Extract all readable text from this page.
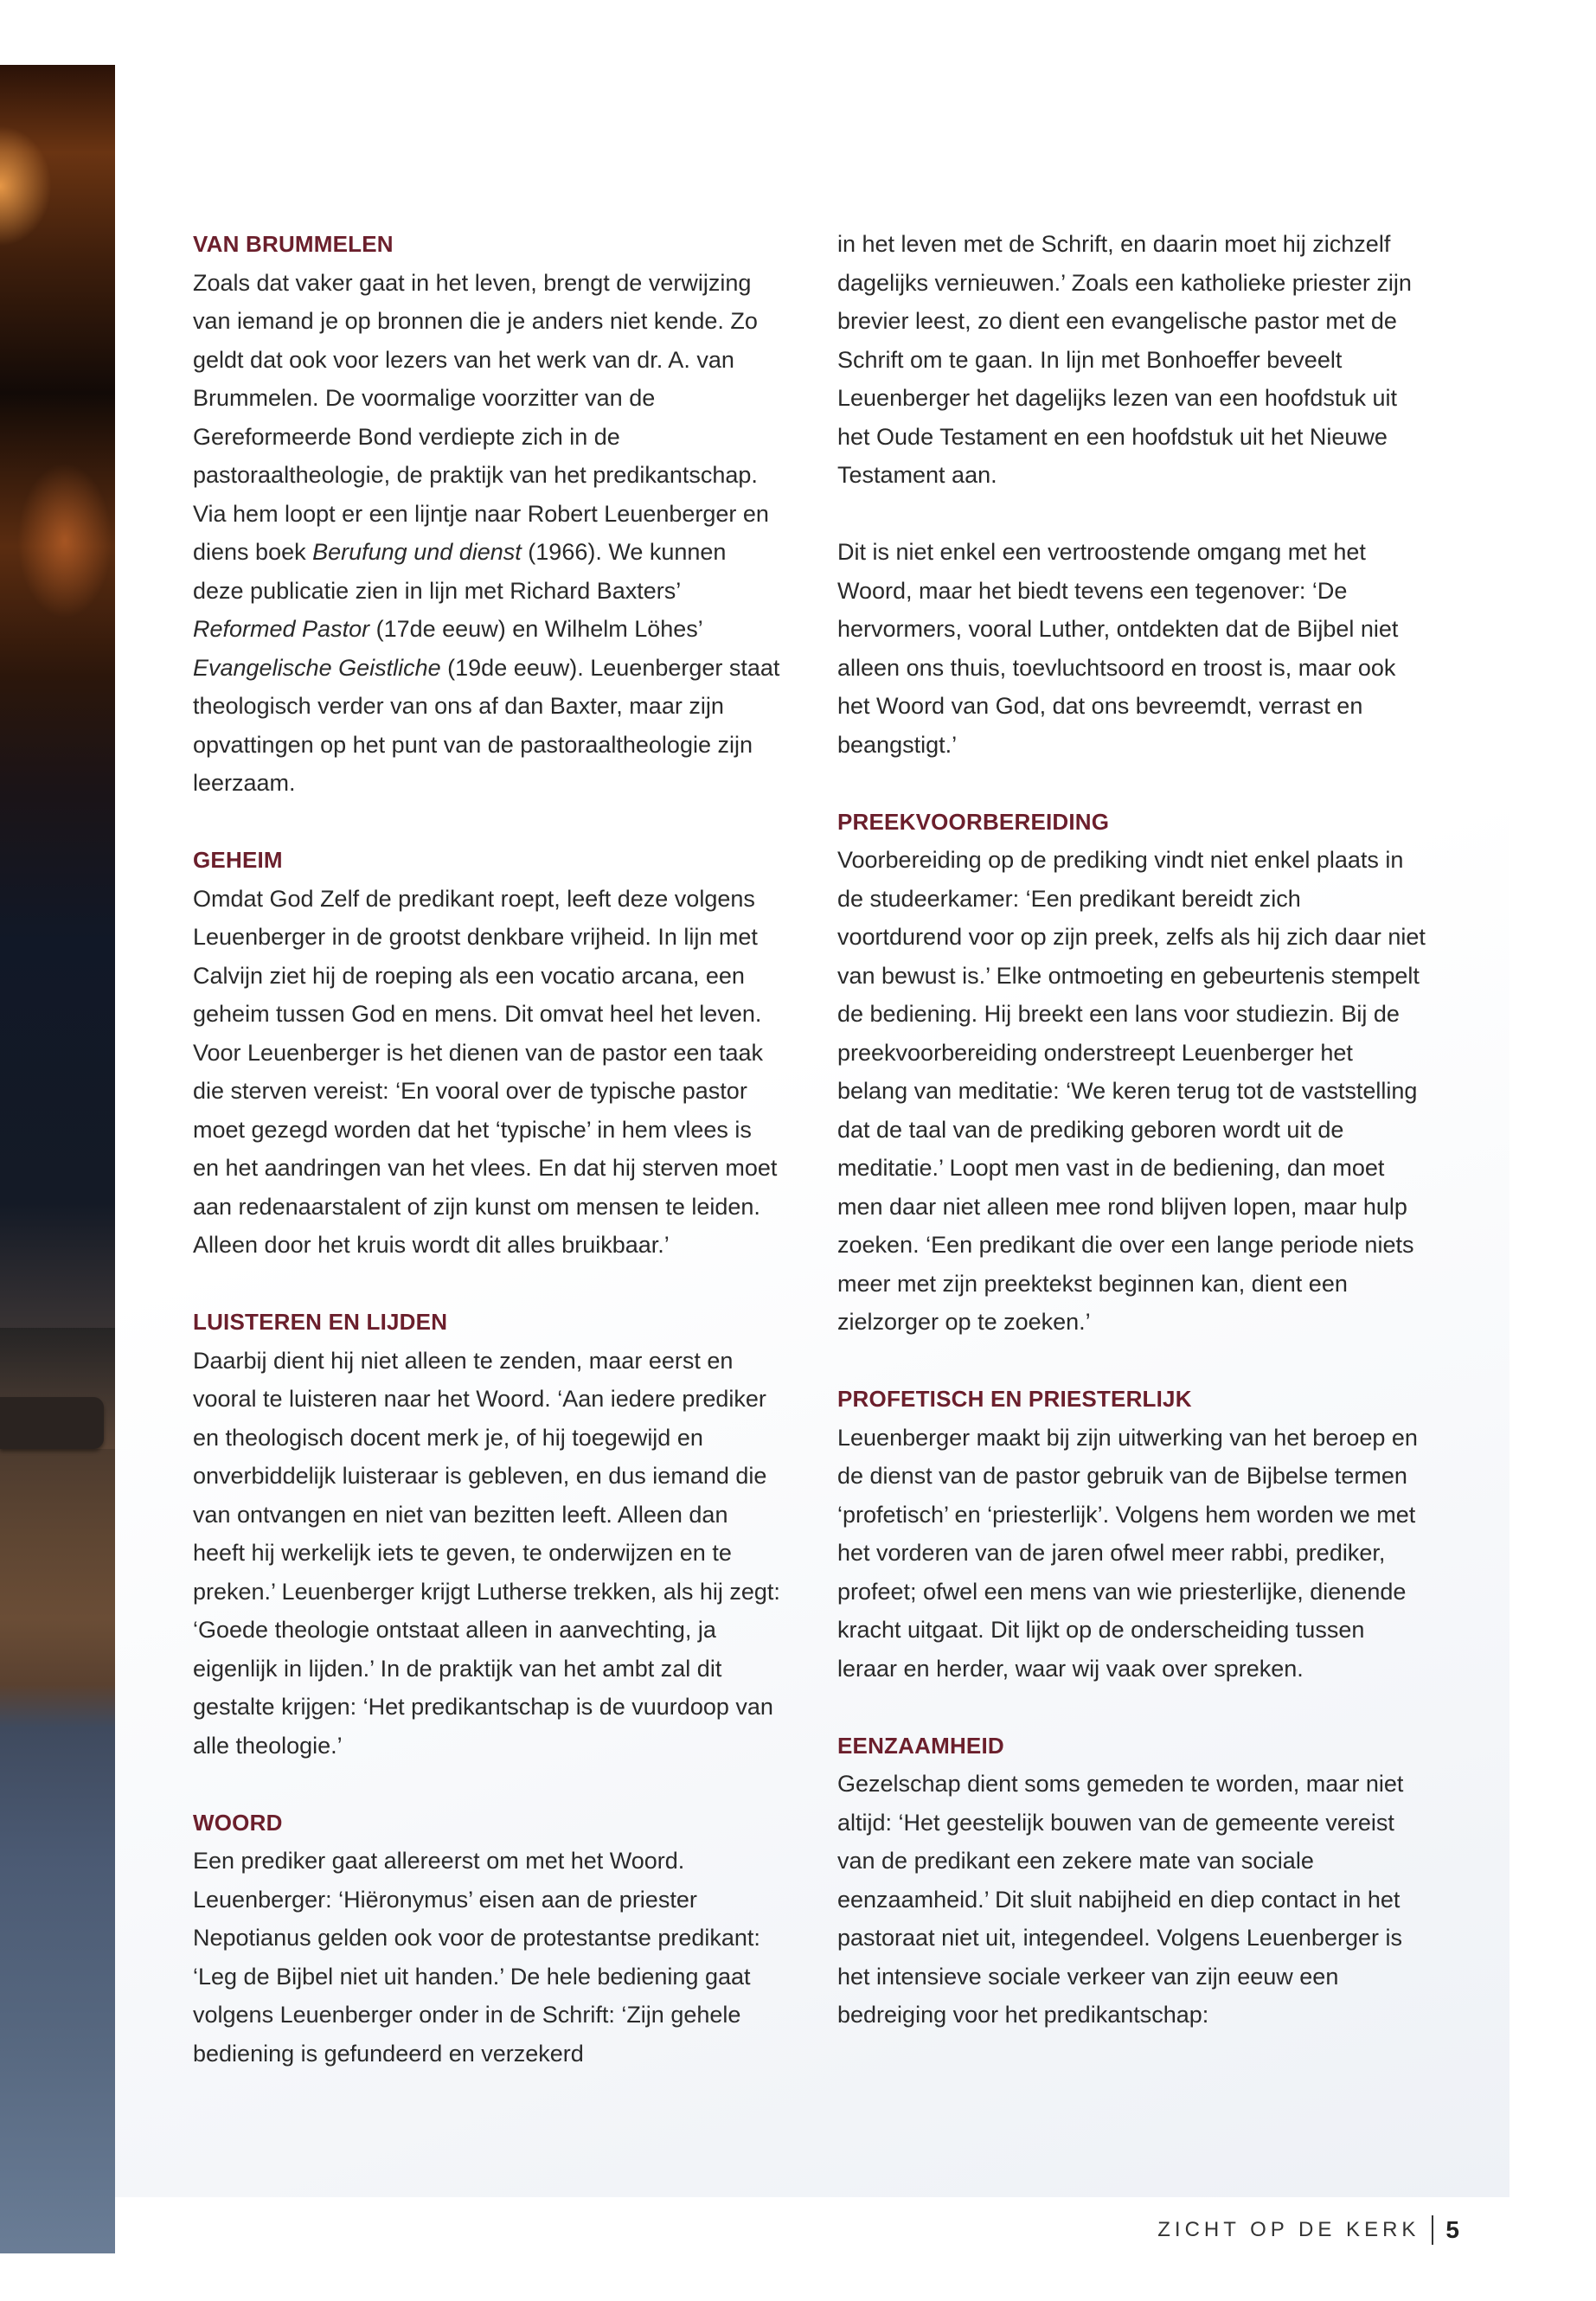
VAN BRUMMELEN
Zoals dat vaker gaat in het leven, brengt de verwijzing van iemand je op bronnen die je anders niet kende. Zo geldt dat ook voor lezers van het werk van dr. A. van Brummelen. De voormalige voorzitter van de Gereformeerde Bond verdiepte zich in de pastoraaltheologie, de praktijk van het predikantschap. Via hem loopt er een lijntje naar Robert Leuenberger en diens boek Berufung und dienst (1966). We kunnen deze publicatie zien in lijn met Richard Baxters’ Reformed Pastor (17de eeuw) en Wilhelm Löhes’ Evangelische Geistliche (19de eeuw). Leuenberger staat theologisch verder van ons af dan Baxter, maar zijn opvattingen op het punt van de pastoraaltheologie zijn leerzaam.
GEHEIM
Omdat God Zelf de predikant roept, leeft deze volgens Leuenberger in de grootst denkbare vrijheid. In lijn met Calvijn ziet hij de roeping als een vocatio arcana, een geheim tussen God en mens. Dit omvat heel het leven. Voor Leuenberger is het dienen van de pastor een taak die sterven vereist: ‘En vooral over de typische pastor moet gezegd worden dat het ‘typische’ in hem vlees is en het aandringen van het vlees. En dat hij sterven moet aan redenaarstalent of zijn kunst om mensen te leiden. Alleen door het kruis wordt dit alles bruikbaar.’
LUISTEREN EN LIJDEN
Daarbij dient hij niet alleen te zenden, maar eerst en vooral te luisteren naar het Woord. ‘Aan iedere prediker en theologisch docent merk je, of hij toegewijd en onverbiddelijk luisteraar is gebleven, en dus iemand die van ontvangen en niet van bezitten leeft. Alleen dan heeft hij werkelijk iets te geven, te onderwijzen en te preken.’ Leuenberger krijgt Lutherse trekken, als hij zegt: ‘Goede theologie ontstaat alleen in aanvechting, ja eigenlijk in lijden.’ In de praktijk van het ambt zal dit gestalte krijgen: ‘Het predikantschap is de vuurdoop van alle theologie.’
WOORD
Een prediker gaat allereerst om met het Woord. Leuenberger: ‘Hiëronymus’ eisen aan de priester Nepotianus gelden ook voor de protestantse predikant: ‘Leg de Bijbel niet uit handen.’ De hele bediening gaat volgens Leuenberger onder in de Schrift: ‘Zijn gehele bediening is gefundeerd en verzekerd
in het leven met de Schrift, en daarin moet hij zichzelf dagelijks vernieuwen.’ Zoals een katholieke priester zijn brevier leest, zo dient een evangelische pastor met de Schrift om te gaan. In lijn met Bonhoeffer beveelt Leuenberger het dagelijks lezen van een hoofdstuk uit het Oude Testament en een hoofdstuk uit het Nieuwe Testament aan.
Dit is niet enkel een vertroostende omgang met het Woord, maar het biedt tevens een tegenover: ‘De hervormers, vooral Luther, ontdekten dat de Bijbel niet alleen ons thuis, toevluchtsoord en troost is, maar ook het Woord van God, dat ons bevreemdt, verrast en beangstigt.’
PREEKVOORBEREIDING
Voorbereiding op de prediking vindt niet enkel plaats in de studeerkamer: ‘Een predikant bereidt zich voortdurend voor op zijn preek, zelfs als hij zich daar niet van bewust is.’ Elke ontmoeting en gebeurtenis stempelt de bediening. Hij breekt een lans voor studiezin. Bij de preekvoorbereiding onderstreept Leuenberger het belang van meditatie: ‘We keren terug tot de vaststelling dat de taal van de prediking geboren wordt uit de meditatie.’ Loopt men vast in de bediening, dan moet men daar niet alleen mee rond blijven lopen, maar hulp zoeken. ‘Een predikant die over een lange periode niets meer met zijn preektekst beginnen kan, dient een zielzorger op te zoeken.’
PROFETISCH EN PRIESTERLIJK
Leuenberger maakt bij zijn uitwerking van het beroep en de dienst van de pastor gebruik van de Bijbelse termen ‘profetisch’ en ‘priesterlijk’. Volgens hem worden we met het vorderen van de jaren ofwel meer rabbi, prediker, profeet; ofwel een mens van wie priesterlijke, dienende kracht uitgaat. Dit lijkt op de onderscheiding tussen leraar en herder, waar wij vaak over spreken.
EENZAAMHEID
Gezelschap dient soms gemeden te worden, maar niet altijd: ‘Het geestelijk bouwen van de gemeente vereist van de predikant een zekere mate van sociale eenzaamheid.’ Dit sluit nabijheid en diep contact in het pastoraat niet uit, integendeel. Volgens Leuenberger is het intensieve sociale verkeer van zijn eeuw een bedreiging voor het predikantschap:
ZICHT OP DE KERK 5
